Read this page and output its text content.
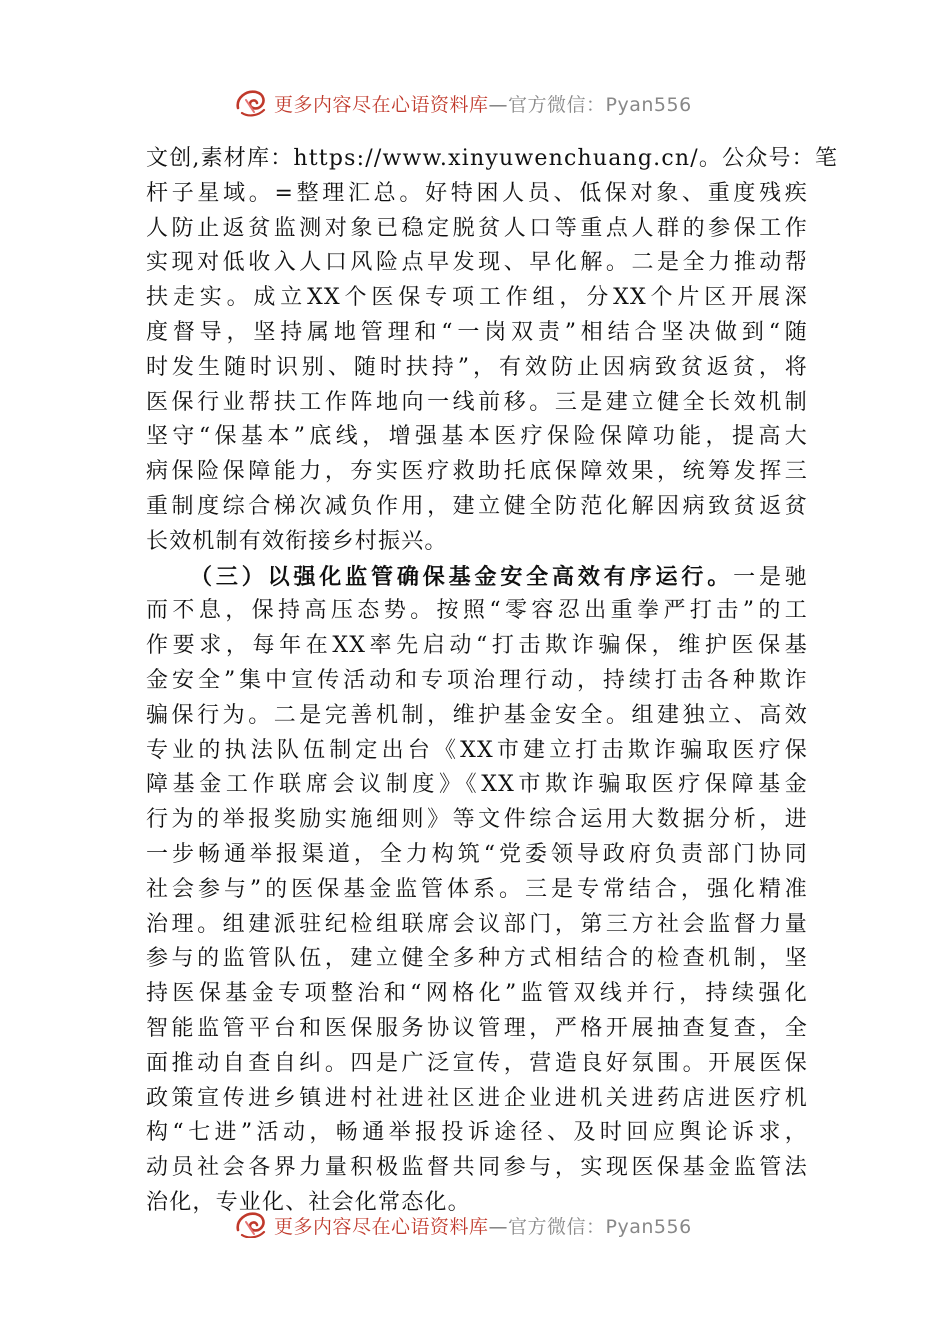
更多内容尽在心语资料库—官方微信：Pyan556
文创,素材库：https://www.xinyuwenchuang.cn/。公众号：笔
杆子星域。=整理汇总。好特困人员、低保对象、重度残疾
人防止返贫监测对象已稳定脱贫人口等重点人群的参保工作
实现对低收入人口风险点早发现、早化解。二是全力推动帮
扶走实。成立XX个医保专项工作组，分XX个片区开展深
度督导，坚持属地管理和“一岗双责”相结合坚决做到“随
时发生随时识别、随时扶持”，有效防止因病致贫返贫，将
医保行业帮扶工作阵地向一线前移。三是建立健全长效机制
坚守“保基本”底线，增强基本医疗保险保障功能，提高大
病保险保障能力，夯实医疗救助托底保障效果，统筹发挥三
重制度综合梯次减负作用，建立健全防范化解因病致贫返贫
长效机制有效衔接乡村振兴。
（三）以强化监管确保基金安全高效有序运行。一是驰
而不息，保持高压态势。按照“零容忍出重拳严打击”的工
作要求，每年在XX率先启动“打击欺诈骗保，维护医保基
金安全”集中宣传活动和专项治理行动，持续打击各种欺诈
骗保行为。二是完善机制，维护基金安全。组建独立、高效
专业的执法队伍制定出台《XX市建立打击欺诈骗取医疗保
障基金工作联席会议制度》《XX市欺诈骗取医疗保障基金
行为的举报奖励实施细则》等文件综合运用大数据分析，进
一步畅通举报渠道，全力构筑“党委领导政府负责部门协同
社会参与”的医保基金监管体系。三是专常结合，强化精准
治理。组建派驻纪检组联席会议部门，第三方社会监督力量
参与的监管队伍，建立健全多种方式相结合的检查机制，坚
持医保基金专项整治和“网格化”监管双线并行，持续强化
智能监管平台和医保服务协议管理，严格开展抽查复查，全
面推动自查自纠。四是广泛宣传，营造良好氛围。开展医保
政策宣传进乡镇进村社进社区进企业进机关进药店进医疗机
构“七进”活动，畅通举报投诉途径、及时回应舆论诉求，
动员社会各界力量积极监督共同参与，实现医保基金监管法
治化，专业化、社会化常态化。
更多内容尽在心语资料库—官方微信：Pyan556
